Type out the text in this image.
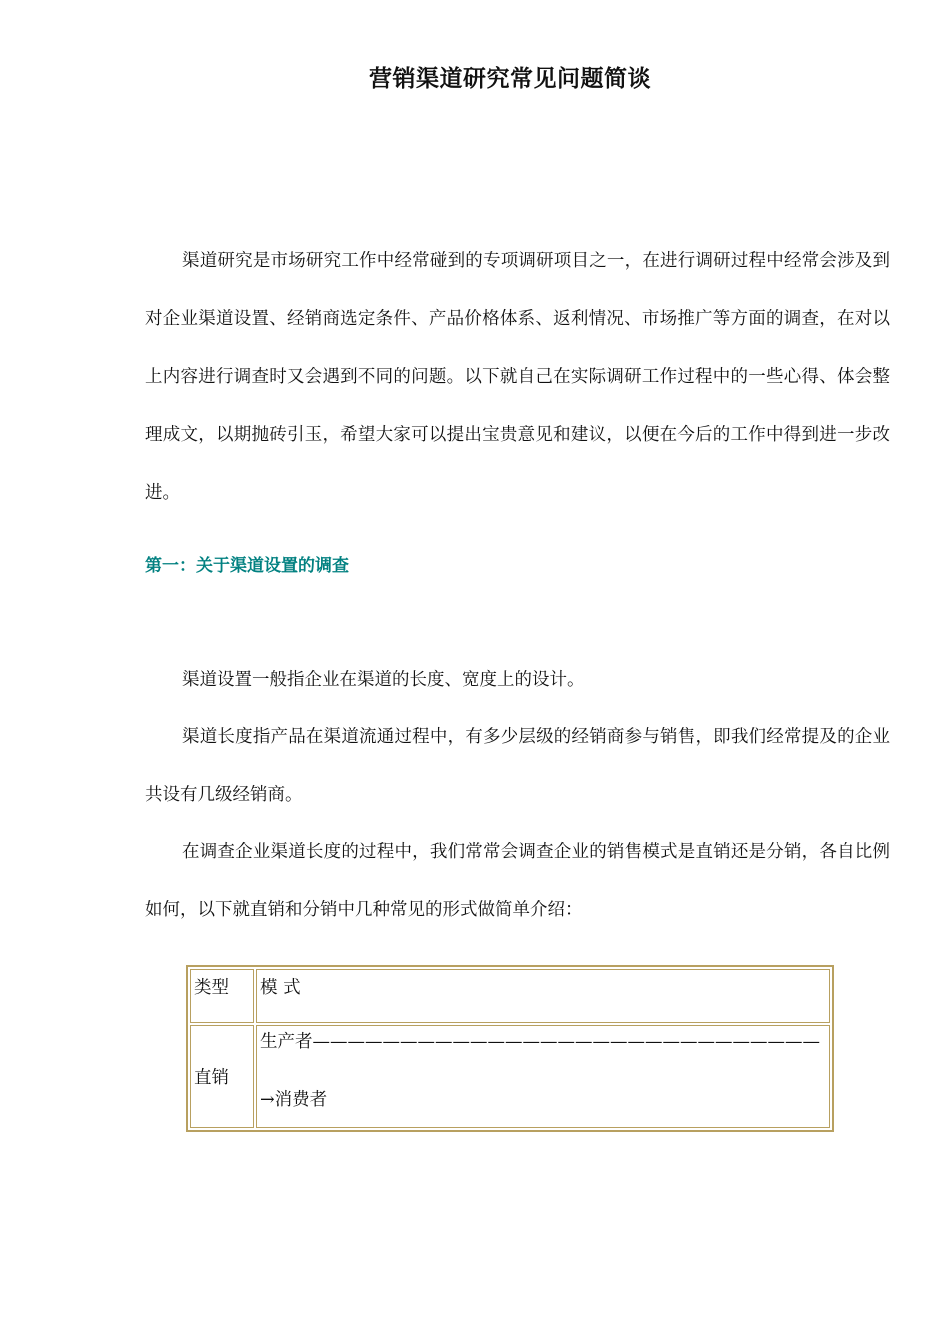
营销渠道研究常见问题简谈

渠道研究是市场研究工作中经常碰到的专项调研项目之一，在进行调研过程中经常会涉及到对企业渠道设置、经销商选定条件、产品价格体系、返利情况、市场推广等方面的调查，在对以上内容进行调查时又会遇到不同的问题。以下就自己在实际调研工作过程中的一些心得、体会整理成文，以期抛砖引玉，希望大家可以提出宝贵意见和建议，以便在今后的工作中得到进一步改进。

第一：关于渠道设置的调查

渠道设置一般指企业在渠道的长度、宽度上的设计。

渠道长度指产品在渠道流通过程中，有多少层级的经销商参与销售，即我们经常提及的企业共设有几级经销商。

在调查企业渠道长度的过程中，我们常常会调查企业的销售模式是直销还是分销，各自比例如何，以下就直销和分销中几种常见的形式做简单介绍：

类型	模 式
直销	生产者—————————————————————————————
→消费者
